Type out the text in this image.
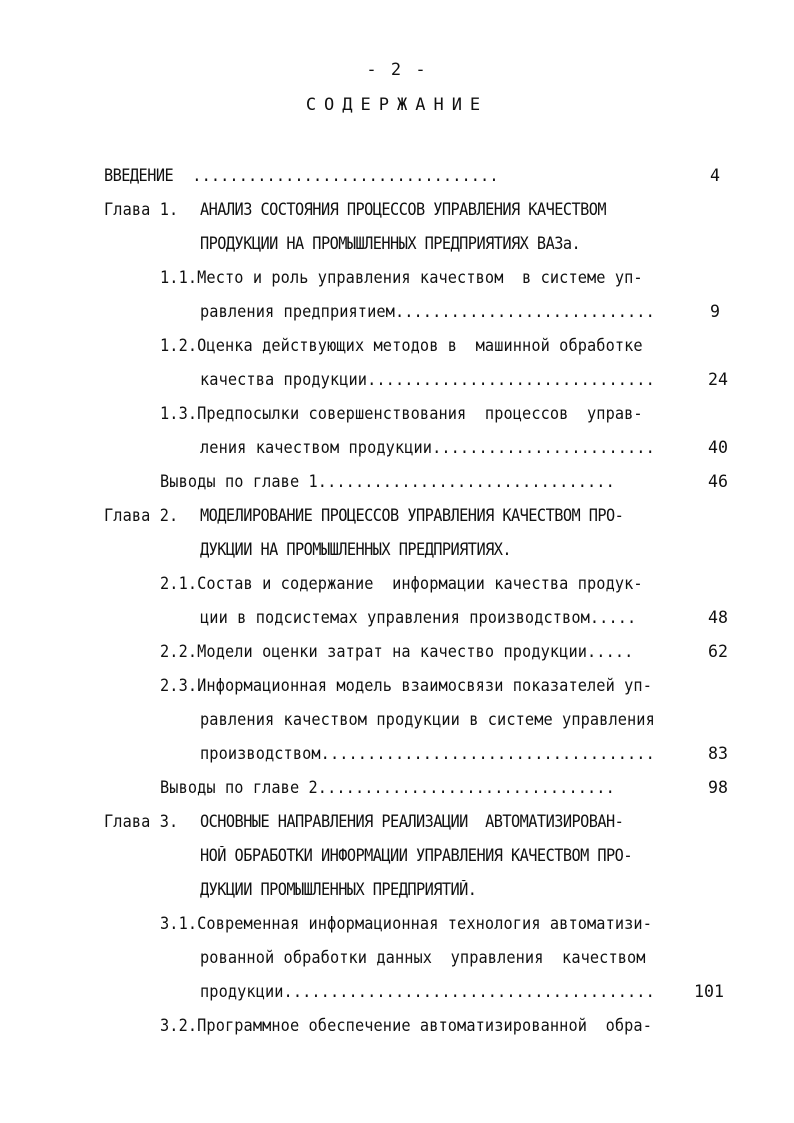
- 2 -
СОДЕРЖАНИЕ
ВВЕДЕНИЕ .................................	4
Глава 1. АНАЛИЗ СОСТОЯНИЯ ПРОЦЕССОВ УПРАВЛЕНИЯ КАЧЕСТВОМ
ПРОДУКЦИИ НА ПРОМЫШЛЕННЫХ ПРЕДПРИЯТИЯХ ВАЗа.
1.1.Место и роль управления качеством  в системе уп-
равления предприятием............................	9
1.2.Оценка действующих методов в  машинной обработке
качества продукции...............................	24
1.3.Предпосылки совершенствования  процессов  управ-
ления качеством продукции........................	40
Выводы по главе 1................................	46
Глава 2. МОДЕЛИРОВАНИЕ ПРОЦЕССОВ УПРАВЛЕНИЯ КАЧЕСТВОМ ПРО-
ДУКЦИИ НА ПРОМЫШЛЕННЫХ ПРЕДПРИЯТИЯХ.
2.1.Состав и содержание  информации качества продук-
ции в подсистемах управления производством.....	48
2.2.Модели оценки затрат на качество продукции.....	62
2.3.Информационная модель взаимосвязи показателей уп-
равления качеством продукции в системе управления
производством....................................	83
Выводы по главе 2................................	98
Глава 3. ОСНОВНЫЕ НАПРАВЛЕНИЯ РЕАЛИЗАЦИИ  АВТОМАТИЗИРОВАН-
НОЙ ОБРАБОТКИ ИНФОРМАЦИИ УПРАВЛЕНИЯ КАЧЕСТВОМ ПРО-
ДУКЦИИ ПРОМЫШЛЕННЫХ ПРЕДПРИЯТИЙ.
3.1.Современная информационная технология автоматизи-
рованной обработки данных  управления  качеством
продукции........................................	101
3.2.Программное обеспечение автоматизированной  обра-
